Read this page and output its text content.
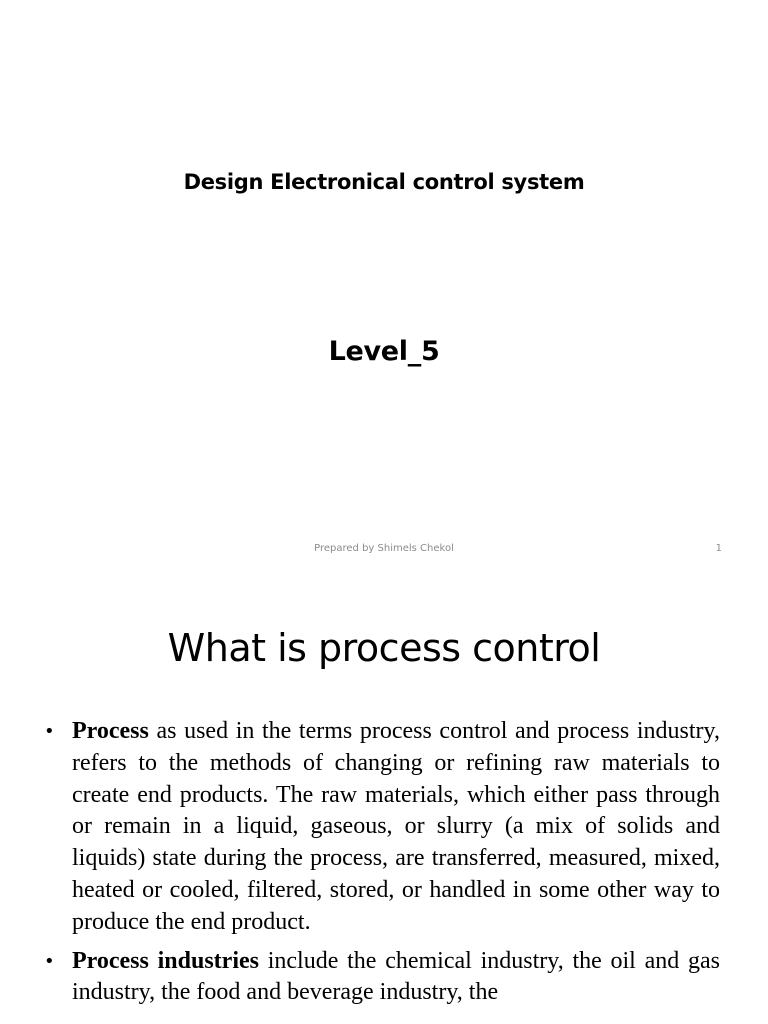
Design Electronical control system
Level_5
Prepared by Shimels Chekol	1
What is process control
• Process as used in the terms process control and process industry, refers to the methods of changing or refining raw materials to create end products. The raw materials, which either pass through or remain in a liquid, gaseous, or slurry (a mix of solids and liquids) state during the process, are transferred, measured, mixed, heated or cooled, filtered, stored, or handled in some other way to produce the end product.
• Process industries include the chemical industry, the oil and gas industry, the food and beverage industry, the
